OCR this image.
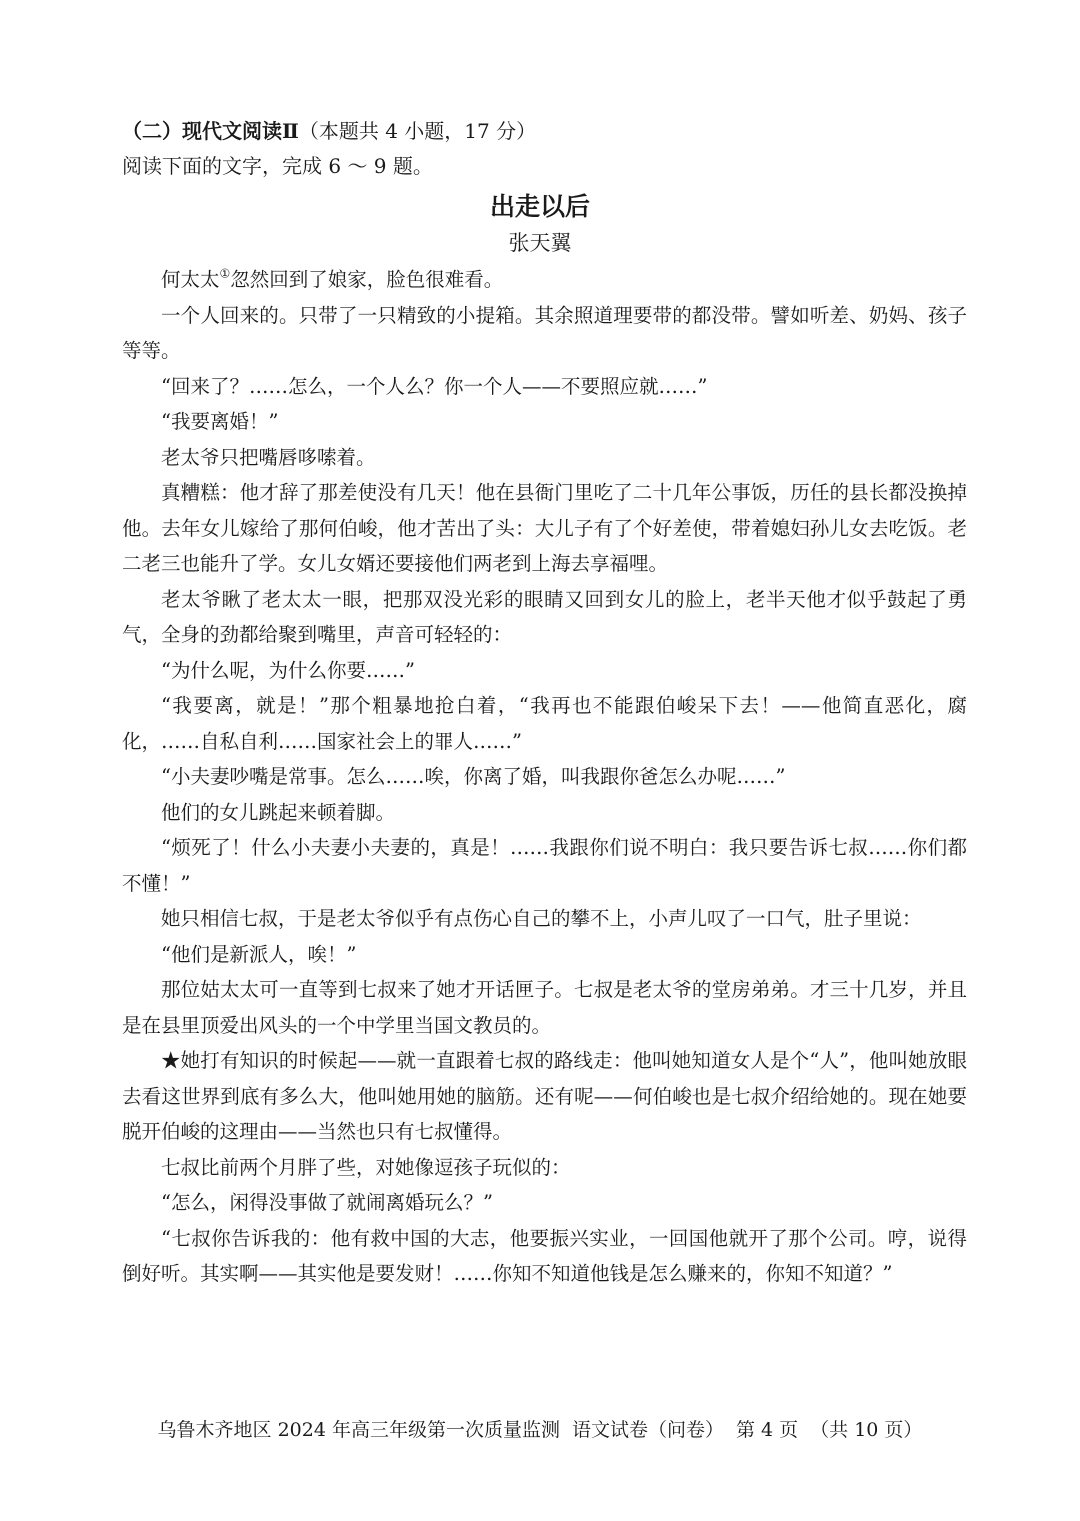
（二）现代文阅读Ⅱ（本题共 4 小题，17 分）
阅读下面的文字，完成 6 ～ 9 题。
出走以后
张天翼

何太太①忽然回到了娘家，脸色很难看。

一个人回来的。只带了一只精致的小提箱。其余照道理要带的都没带。譬如听差、奶妈、孩子等等。

“回来了？……怎么，一个人么？你一个人——不要照应就……”

“我要离婚！”

老太爷只把嘴唇哆嗦着。

真糟糕：他才辞了那差使没有几天！他在县衙门里吃了二十几年公事饭，历任的县长都没换掉他。去年女儿嫁给了那何伯峻，他才苦出了头：大儿子有了个好差使，带着媳妇孙儿女去吃饭。老二老三也能升了学。女儿女婿还要接他们两老到上海去享福哩。

老太爷瞅了老太太一眼，把那双没光彩的眼睛又回到女儿的脸上，老半天他才似乎鼓起了勇气，全身的劲都给聚到嘴里，声音可轻轻的：

“为什么呢，为什么你要……”

“我要离，就是！”那个粗暴地抢白着，“我再也不能跟伯峻呆下去！——他简直恶化，腐化，……自私自利……国家社会上的罪人……”

“小夫妻吵嘴是常事。怎么……唉，你离了婚，叫我跟你爸怎么办呢……”

他们的女儿跳起来顿着脚。

“烦死了！什么小夫妻小夫妻的，真是！……我跟你们说不明白：我只要告诉七叔……你们都不懂！”

她只相信七叔，于是老太爷似乎有点伤心自己的攀不上，小声儿叹了一口气，肚子里说：

“他们是新派人，唉！”

那位姑太太可一直等到七叔来了她才开话匣子。七叔是老太爷的堂房弟弟。才三十几岁，并且是在县里顶爱出风头的一个中学里当国文教员的。

★她打有知识的时候起——就一直跟着七叔的路线走：他叫她知道女人是个“人”，他叫她放眼去看这世界到底有多么大，他叫她用她的脑筋。还有呢——何伯峻也是七叔介绍给她的。现在她要脱开伯峻的这理由——当然也只有七叔懂得。

七叔比前两个月胖了些，对她像逗孩子玩似的：

“怎么，闲得没事做了就闹离婚玩么？”

“七叔你告诉我的：他有救中国的大志，他要振兴实业，一回国他就开了那个公司。哼，说得倒好听。其实啊——其实他是要发财！……你知不知道他钱是怎么赚来的，你知不知道？”

乌鲁木齐地区 2024 年高三年级第一次质量监测 语文试卷（问卷） 第 4 页 （共 10 页）
